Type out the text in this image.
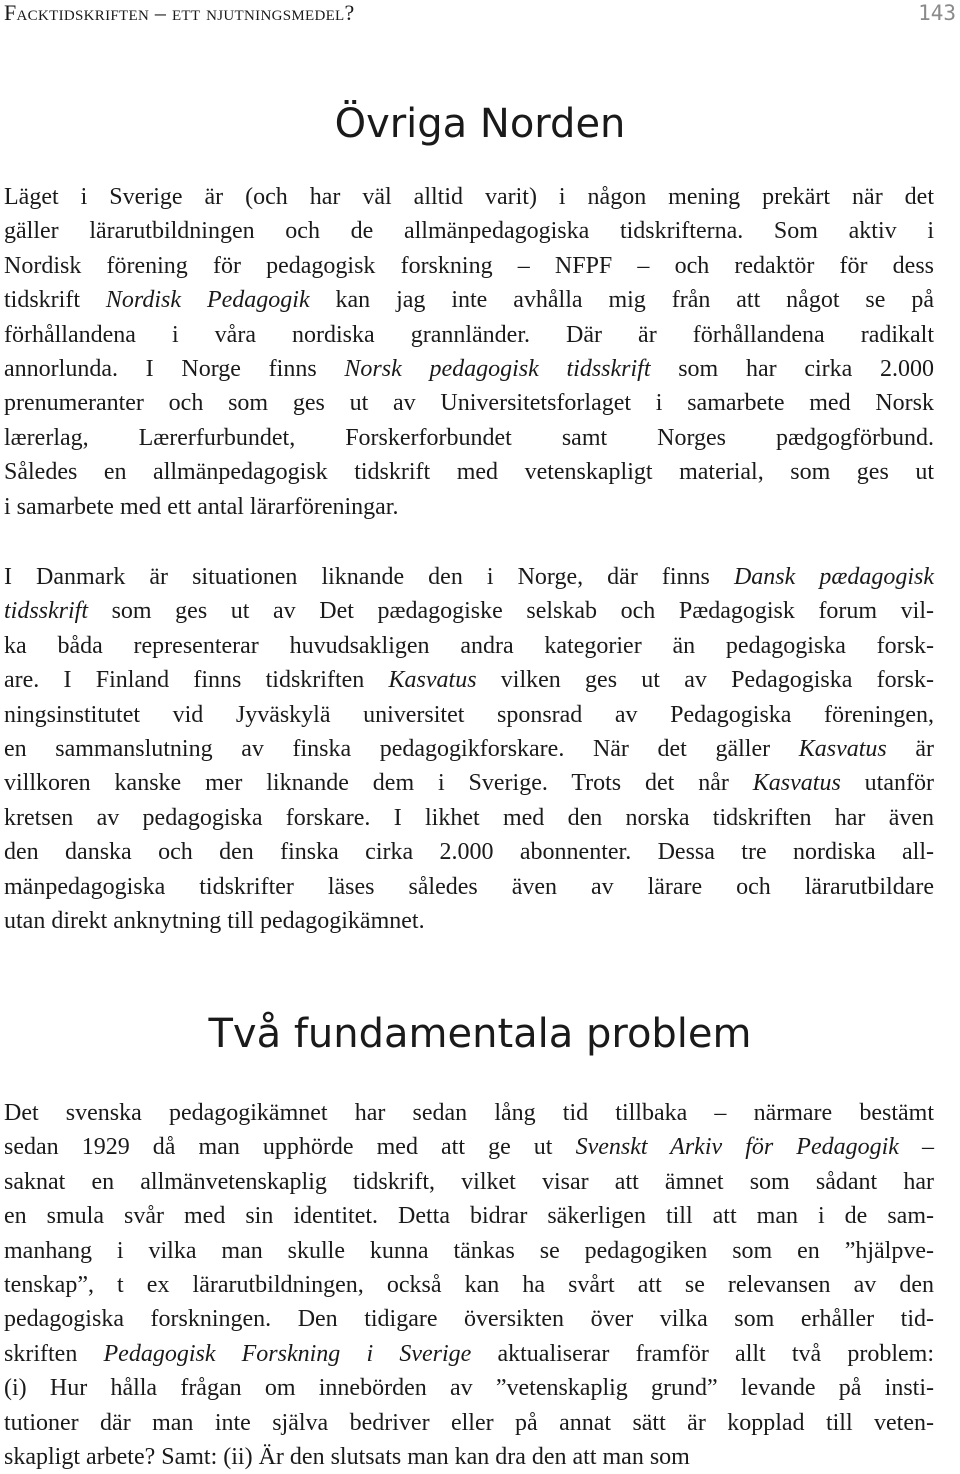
Facktidskriften – ett njutningsmedel?	143
Övriga Norden
Läget i Sverige är (och har väl alltid varit) i någon mening prekärt när det
gäller lärarutbildningen och de allmänpedagogiska tidskrifterna. Som aktiv i
Nordisk förening för pedagogisk forskning – NFPF – och redaktör för dess
tidskrift Nordisk Pedagogik kan jag inte avhålla mig från att något se på
förhållandena i våra nordiska grannländer. Där är förhållandena radikalt
annorlunda. I Norge finns Norsk pedagogisk tidsskrift som har cirka 2.000
prenumeranter och som ges ut av Universitetsforlaget i samarbete med Norsk
lærerlag, Lærerfurbundet, Forskerforbundet samt Norges pædgogförbund.
Således en allmänpedagogisk tidskrift med vetenskapligt material, som ges ut
i samarbete med ett antal lärarföreningar.
I Danmark är situationen liknande den i Norge, där finns Dansk pædagogisk
tidsskrift som ges ut av Det pædagogiske selskab och Pædagogisk forum vil-
ka båda representerar huvudsakligen andra kategorier än pedagogiska forsk-
are. I Finland finns tidskriften Kasvatus vilken ges ut av Pedagogiska forsk-
ningsinstitutet vid Jyväskylä universitet sponsrad av Pedagogiska föreningen,
en sammanslutning av finska pedagogikforskare. När det gäller Kasvatus är
villkoren kanske mer liknande dem i Sverige. Trots det når Kasvatus utanför
kretsen av pedagogiska forskare. I likhet med den norska tidskriften har även
den danska och den finska cirka 2.000 abonnenter. Dessa tre nordiska all-
mänpedagogiska tidskrifter läses således även av lärare och lärarutbildare
utan direkt anknytning till pedagogikämnet.
Två fundamentala problem
Det svenska pedagogikämnet har sedan lång tid tillbaka – närmare bestämt
sedan 1929 då man upphörde med att ge ut Svenskt Arkiv för Pedagogik –
saknat en allmänvetenskaplig tidskrift, vilket visar att ämnet som sådant har
en smula svår med sin identitet. Detta bidrar säkerligen till att man i de sam-
manhang i vilka man skulle kunna tänkas se pedagogiken som en ”hjälpve-
tenskap”, t ex lärarutbildningen, också kan ha svårt att se relevansen av den
pedagogiska forskningen. Den tidigare översikten över vilka som erhåller tid-
skriften Pedagogisk Forskning i Sverige aktualiserar framför allt två problem:
(i) Hur hålla frågan om innebörden av ”vetenskaplig grund” levande på insti-
tutioner där man inte själva bedriver eller på annat sätt är kopplad till veten-
skapligt arbete? Samt: (ii) Är den slutsats man kan dra den att man som
